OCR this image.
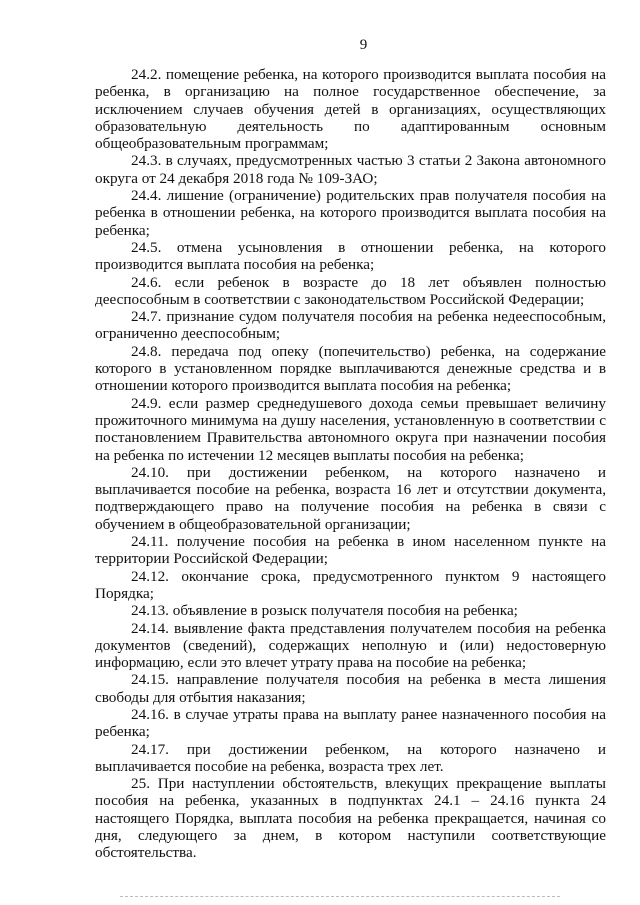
9

24.2. помещение ребенка, на которого производится выплата пособия на ребенка, в организацию на полное государственное обеспечение, за исключением случаев обучения детей в организациях, осуществляющих образовательную деятельность по адаптированным основным общеобразовательным программам;

24.3. в случаях, предусмотренных частью 3 статьи 2 Закона автономного округа от 24 декабря 2018 года № 109-ЗАО;

24.4. лишение (ограничение) родительских прав получателя пособия на ребенка в отношении ребенка, на которого производится выплата пособия на ребенка;

24.5. отмена усыновления в отношении ребенка, на которого производится выплата пособия на ребенка;

24.6. если ребенок в возрасте до 18 лет объявлен полностью дееспособным в соответствии с законодательством Российской Федерации;

24.7. признание судом получателя пособия на ребенка недееспособным, ограниченно дееспособным;

24.8. передача под опеку (попечительство) ребенка, на содержание которого в установленном порядке выплачиваются денежные средства и в отношении которого производится выплата пособия на ребенка;

24.9. если размер среднедушевого дохода семьи превышает величину прожиточного минимума на душу населения, установленную в соответствии с постановлением Правительства автономного округа при назначении пособия на ребенка по истечении 12 месяцев выплаты пособия на ребенка;

24.10. при достижении ребенком, на которого назначено и выплачивается пособие на ребенка, возраста 16 лет и отсутствии документа, подтверждающего право на получение пособия на ребенка в связи с обучением в общеобразовательной организации;

24.11. получение пособия на ребенка в ином населенном пункте на территории Российской Федерации;

24.12. окончание срока, предусмотренного пунктом 9 настоящего Порядка;

24.13. объявление в розыск получателя пособия на ребенка;

24.14. выявление факта представления получателем пособия на ребенка документов (сведений), содержащих неполную и (или) недостоверную информацию, если это влечет утрату права на пособие на ребенка;

24.15. направление получателя пособия на ребенка в места лишения свободы для отбытия наказания;

24.16. в случае утраты права на выплату ранее назначенного пособия на ребенка;

24.17. при достижении ребенком, на которого назначено и выплачивается пособие на ребенка, возраста трех лет.

25. При наступлении обстоятельств, влекущих прекращение выплаты пособия на ребенка, указанных в подпунктах 24.1 – 24.16 пункта 24 настоящего Порядка, выплата пособия на ребенка прекращается, начиная со дня, следующего за днем, в котором наступили соответствующие обстоятельства.
